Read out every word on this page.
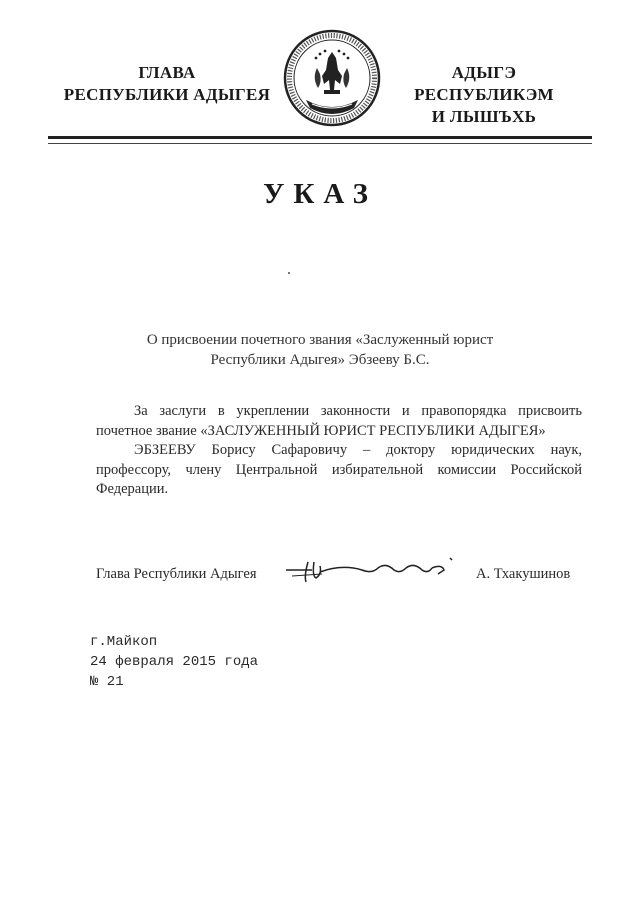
ГЛАВА
РЕСПУБЛИКИ АДЫГЕЯ
АДЫГЭ РЕСПУБЛИКЭМ
И ЛЫШЪХЬ
УКАЗ
О присвоении почетного звания «Заслуженный юрист
Республики Адыгея» Эбзееву Б.С.

За заслуги в укреплении законности и правопорядка присвоить почетное звание «ЗАСЛУЖЕННЫЙ ЮРИСТ РЕСПУБЛИКИ АДЫГЕЯ»

ЭБЗЕЕВУ Борису Сафаровичу – доктору юридических наук, профессору, члену Центральной избирательной комиссии Российской Федерации.

Глава Республики Адыгея	А. Тхакушинов
г.Майкоп
24 февраля 2015 года
№ 21
